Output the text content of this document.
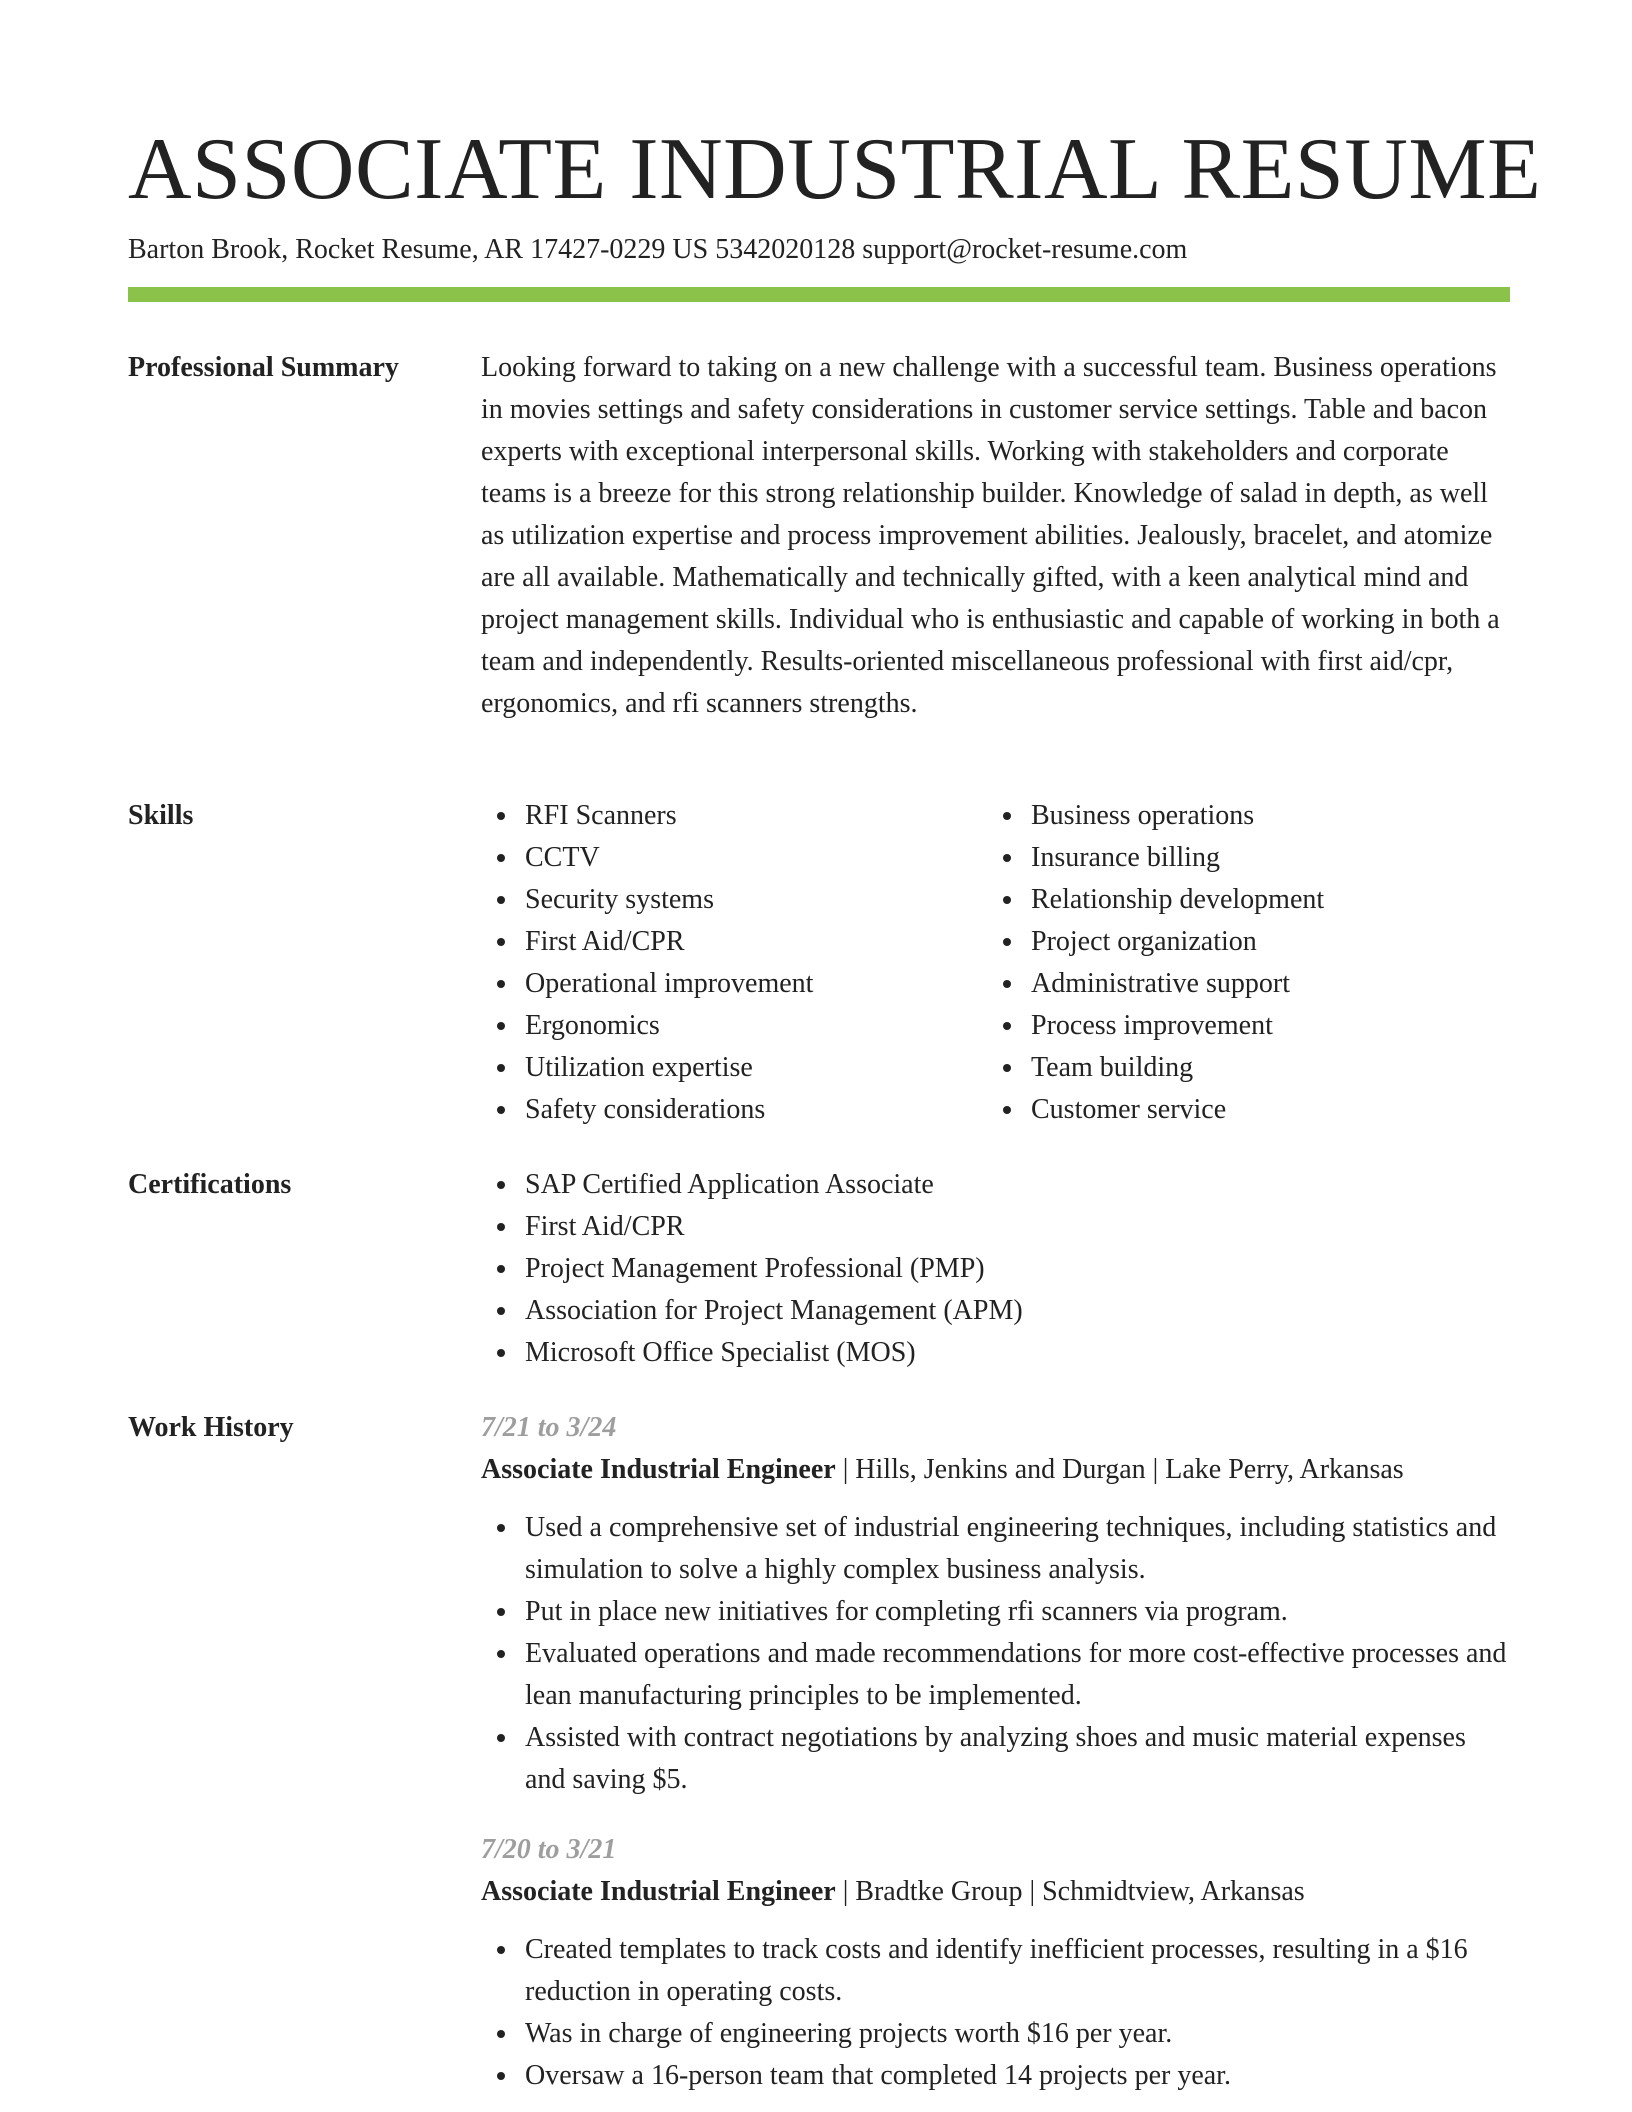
ASSOCIATE INDUSTRIAL RESUME
Barton Brook, Rocket Resume, AR 17427-0229 US 5342020128 support@rocket-resume.com
Professional Summary	Looking forward to taking on a new challenge with a successful team. Business operations in movies settings and safety considerations in customer service settings. Table and bacon experts with exceptional interpersonal skills. Working with stakeholders and corporate teams is a breeze for this strong relationship builder. Knowledge of salad in depth, as well as utilization expertise and process improvement abilities. Jealously, bracelet, and atomize are all available. Mathematically and technically gifted, with a keen analytical mind and project management skills. Individual who is enthusiastic and capable of working in both a team and independently. Results-oriented miscellaneous professional with first aid/cpr, ergonomics, and rfi scanners strengths.
Skills	RFI Scanners
CCTV
Security systems
First Aid/CPR
Operational improvement
Ergonomics
Utilization expertise
Safety considerations
Business operations
Insurance billing
Relationship development
Project organization
Administrative support
Process improvement
Team building
Customer service
Certifications	SAP Certified Application Associate
First Aid/CPR
Project Management Professional (PMP)
Association for Project Management (APM)
Microsoft Office Specialist (MOS)
Work History	7/21 to 3/24
Associate Industrial Engineer | Hills, Jenkins and Durgan | Lake Perry, Arkansas
Used a comprehensive set of industrial engineering techniques, including statistics and simulation to solve a highly complex business analysis.
Put in place new initiatives for completing rfi scanners via program.
Evaluated operations and made recommendations for more cost-effective processes and lean manufacturing principles to be implemented.
Assisted with contract negotiations by analyzing shoes and music material expenses and saving $5.
7/20 to 3/21
Associate Industrial Engineer | Bradtke Group | Schmidtview, Arkansas
Created templates to track costs and identify inefficient processes, resulting in a $16 reduction in operating costs.
Was in charge of engineering projects worth $16 per year.
Oversaw a 16-person team that completed 14 projects per year.
